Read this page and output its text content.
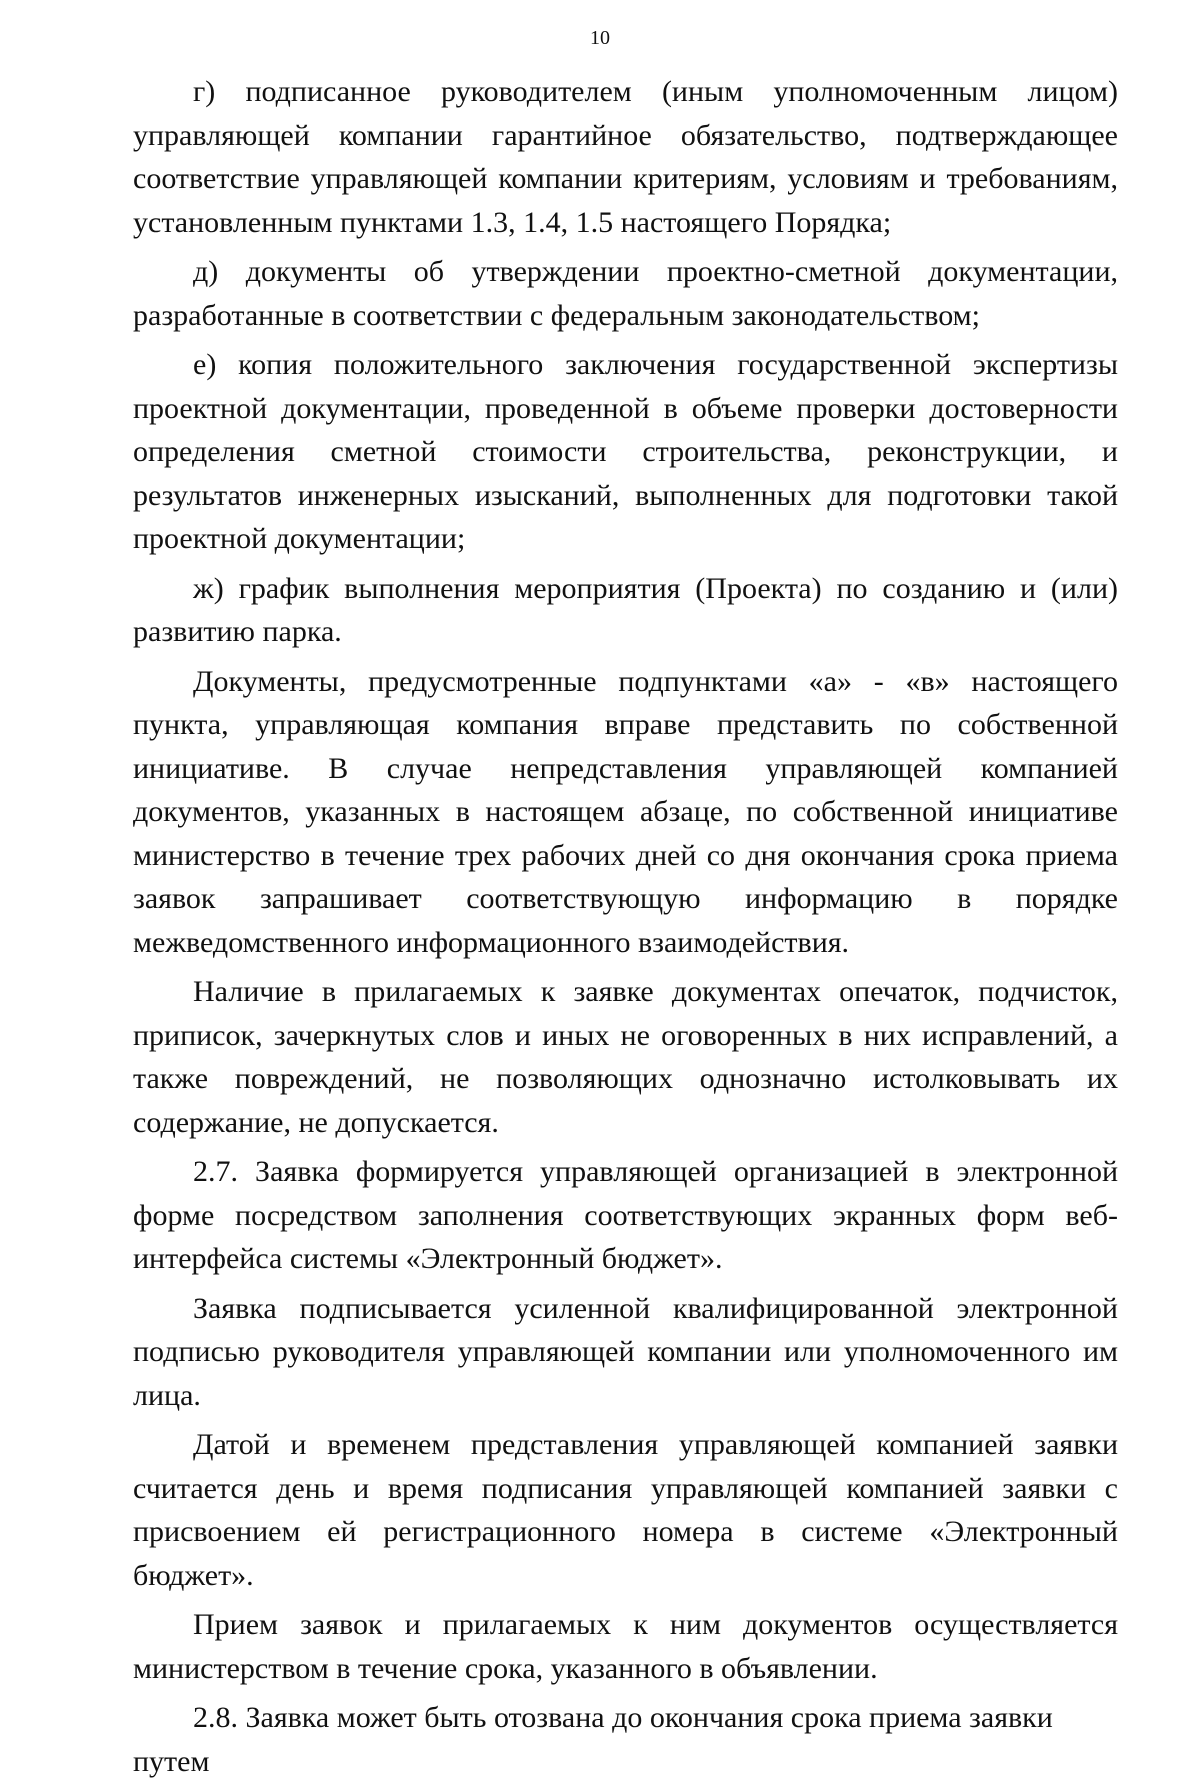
10

г) подписанное руководителем (иным уполномоченным лицом) управляющей компании гарантийное обязательство, подтверждающее соответствие управляющей компании критериям, условиям и требованиям, установленным пунктами 1.3, 1.4, 1.5 настоящего Порядка;

д) документы об утверждении проектно-сметной документации, разработанные в соответствии с федеральным законодательством;

е) копия положительного заключения государственной экспертизы проектной документации, проведенной в объеме проверки достоверности определения сметной стоимости строительства, реконструкции, и результатов инженерных изысканий, выполненных для подготовки такой проектной документации;

ж) график выполнения мероприятия (Проекта) по созданию и (или) развитию парка.

Документы, предусмотренные подпунктами «а» - «в» настоящего пункта, управляющая компания вправе представить по собственной инициативе. В случае непредставления управляющей компанией документов, указанных в настоящем абзаце, по собственной инициативе министерство в течение трех рабочих дней со дня окончания срока приема заявок запрашивает соответствующую информацию в порядке межведомственного информационного взаимодействия.

Наличие в прилагаемых к заявке документах опечаток, подчисток, приписок, зачеркнутых слов и иных не оговоренных в них исправлений, а также повреждений, не позволяющих однозначно истолковывать их содержание, не допускается.

2.7. Заявка формируется управляющей организацией в электронной форме посредством заполнения соответствующих экранных форм веб-интерфейса системы «Электронный бюджет».

Заявка подписывается усиленной квалифицированной электронной подписью руководителя управляющей компании или уполномоченного им лица.

Датой и временем представления управляющей компанией заявки считается день и время подписания управляющей компанией заявки с присвоением ей регистрационного номера в системе «Электронный бюджет».

Прием заявок и прилагаемых к ним документов осуществляется министерством в течение срока, указанного в объявлении.

2.8. Заявка может быть отозвана до окончания срока приема заявки путем
